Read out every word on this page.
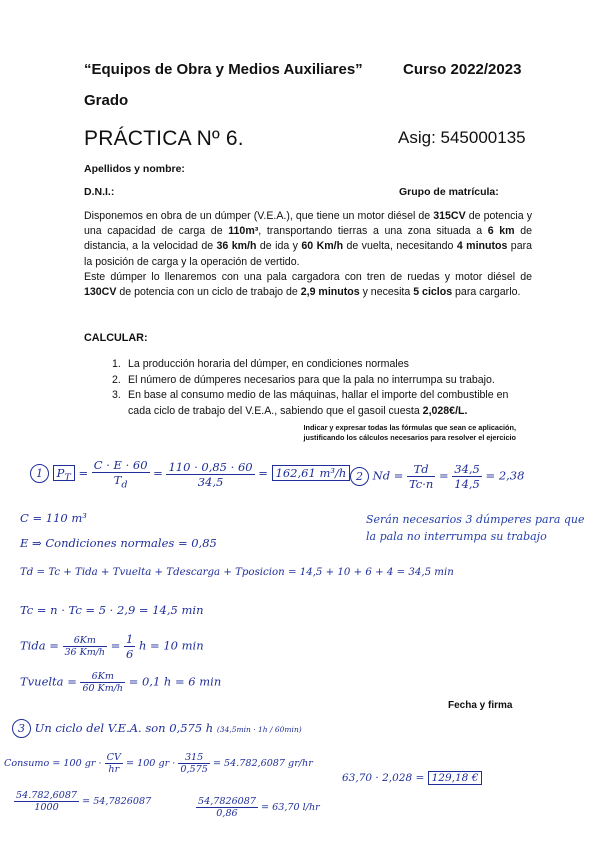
“Equipos de Obra y Medios Auxiliares”	Curso 2022/2023
Grado
PRÁCTICA Nº 6.	Asig: 545000135
Apellidos y nombre:
D.N.I.:	Grupo de matrícula:

Disponemos en obra de un dúmper (V.E.A.), que tiene un motor diésel de 315CV de potencia y una capacidad de carga de 110m³, transportando tierras a una zona situada a 6 km de distancia, a la velocidad de 36 km/h de ida y 60 Km/h de vuelta, necesitando 4 minutos para la posición de carga y la operación de vertido.

Este dúmper lo llenaremos con una pala cargadora con tren de ruedas y motor diésel de 130CV de potencia con un ciclo de trabajo de 2,9 minutos y necesita 5 ciclos para cargarlo.

CALCULAR:
1. La producción horaria del dúmper, en condiciones normales
2. El número de dúmperes necesarios para que la pala no interrumpa su trabajo.
3. En base al consumo medio de las máquinas, hallar el importe del combustible en cada ciclo de trabajo del V.E.A., sabiendo que el gasoil cuesta 2,028€/L.
Indicar y expresar todas las fórmulas que sean ce aplicación,
justificando los cálculos necesarios para resolver el ejercicio
1 $P_T = \frac{C \cdot E \cdot 60}{T_d} = \frac{110 \cdot 0,85 \cdot 60}{34,5} = 162,61$ m³/h 2 $Nd = \frac{Td}{Tc\cdot n} = \frac{34,5}{14,5} = 2,38$
Serán necesarios 3 dúmperes para que
la pala no interrumpa su trabajo
C = 110 m³
E ⇒ Condiciones normales = 0,85
Td = Tc + Tida + Tvuelta + Tdescarga + Tposicion = 14,5 + 10 + 6 + 4 = 34,5 min
Tc = n · Tc = 5 · 2,9 = 14,5 min
Tida = $\frac{6Km}{36 Km/h} = \frac{1}{6}$ h = 10 min
Tvuelta = $\frac{6Km}{60 Km/h} = 0,1$ h = 6 min
Fecha y firma
3 Un ciclo del V.E.A. son 0,575 h (34,5min · 1h / 60min)
Consumo = 100 gr · $\frac{CV}{hr} = 100$ gr · $\frac{315}{0,575} = 54.782,6087$ gr/hr
63,70 · 2,028 = 129,18 €
$\frac{54.782,6087}{1000} = 54,7826087$	$\frac{54,7826087}{0,86} = 63,70$ l/hr
